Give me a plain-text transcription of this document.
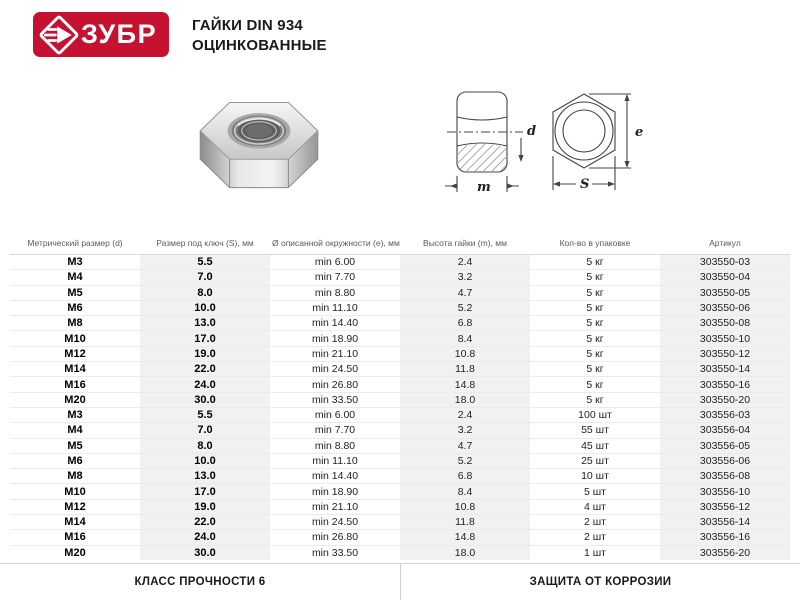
ЗУБР ГАЙКИ DIN 934
ОЦИНКОВАННЫЕ
d
m
e
S
Метрический размер (d)	Размер под ключ (S), мм	Ø описанной окружности (e), мм	Высота гайки (m), мм	Кол-во в упаковке	Артикул
M3	5.5	min 6.00	2.4	5 кг	303550-03
M4	7.0	min 7.70	3.2	5 кг	303550-04
M5	8.0	min 8.80	4.7	5 кг	303550-05
M6	10.0	min 11.10	5.2	5 кг	303550-06
M8	13.0	min 14.40	6.8	5 кг	303550-08
M10	17.0	min 18.90	8.4	5 кг	303550-10
M12	19.0	min 21.10	10.8	5 кг	303550-12
M14	22.0	min 24.50	11.8	5 кг	303550-14
M16	24.0	min 26.80	14.8	5 кг	303550-16
M20	30.0	min 33.50	18.0	5 кг	303550-20
M3	5.5	min 6.00	2.4	100 шт	303556-03
M4	7.0	min 7.70	3.2	55 шт	303556-04
M5	8.0	min 8.80	4.7	45 шт	303556-05
M6	10.0	min 11.10	5.2	25 шт	303556-06
M8	13.0	min 14.40	6.8	10 шт	303556-08
M10	17.0	min 18.90	8.4	5 шт	303556-10
M12	19.0	min 21.10	10.8	4 шт	303556-12
M14	22.0	min 24.50	11.8	2 шт	303556-14
M16	24.0	min 26.80	14.8	2 шт	303556-16
M20	30.0	min 33.50	18.0	1 шт	303556-20
КЛАСС ПРОЧНОСТИ 6	ЗАЩИТА ОТ КОРРОЗИИ
